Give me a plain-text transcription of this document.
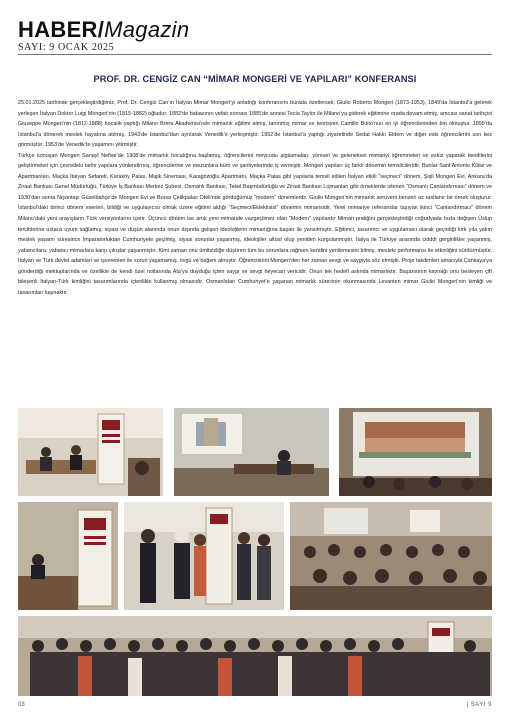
HABER/Magazin
SAYI: 9 OCAK 2025
PROF. DR. CENGİZ CAN “MİMAR MONGERİ VE YAPILARI” KONFERANSI

25.01.2025 tarihinde gerçekleştirdiğimiz, Prof. Dr. Cengiz Can’ın İtalyan Mimar Mongeri’yi anlattığı konferansını burada özetlersek; Giulio Roberto Mongeri (1873-1953), 1849’da İstanbul’a gelerek yerleşen İtalyan Doktor Luigi Mongeri’nin (1815-1882) oğludur. 1882’de babasının vefatı sonrası 1885’de annesi Tecla Taylor ile Milano’ya giderek eğitimine orada devam etmiş, amcası sanat tarihçisi Giuseppe Mongeri’nin (1812-1888) hocalık yaptığı Milano Brera Akademisi’nde mimarlık eğitimi almış, tanınmış mimar ve teorisyen Camillo Boito’nun en iyi öğrencilerinden biri olmuştur. 1899’da İstanbul’a dönerek meslek hayatına atılmış, 1943’de İstanbul’dan ayrılarak Venedik’e yerleşmiştir. 1952’de İstanbul’a yaptığı ziyaretinde Sedat Hakkı Eldem ve diğer eski öğrencilerini son kez görmüştür. 1953’de Venedik’te yaşamını yitirmiştir.

Türkçe konuşan Mongeri Sanayi Nefise’de 1908’de mimarlık hocalığına başlamış, öğrencilerini mevcudu algılamaları, yöresel ve geleneksel mimariyi öğrenmeleri ve eskiz yaparak kendilerini geliştirmeleri için çevredeki tarihi yapılara yönlendirmiş, öğrencilerine ve mezunlara büro ve şantiyelerinde iş vermiştir. Mongeri yapıları üç farklı dönemin temsilcileridir. Bunlar Sant’Antonio Kilise ve Apartmanları, Maçka İtalyan Sefareti, Karaköy Palas, Majik Sineması, Karagözoğlu Apartmanı, Maçka Palas gibi yapılarla temsil edilen İtalyan etkili “seçmeci” dönem, Şişli Mongeri Evi, Ankara’da Ziraat Bankası Genel Müdürlüğü, Türkiye İş Bankası Merkez Şubesi, Osmanlı Bankası, Tekel Başmüdürlüğü ve Ziraat Bankası Lojmanları gibi örneklerde izlenen “Osmanlı Canlandırması” dönem ve 1930’dan sonra Nişantaşı Güzelbahçe’de Mongeri Evi ve Bursa Çelikpalas Oteli’nde gördüğümüz “modern” dönemlerdir. Giulio Mongeri’nin mimarlık serüveni benzeri az rastlanır bir örnek oluşturur. İstanbul’daki birinci dönem eserleri, bildiği ve uygulayıcısı olmak üzere eğitimi aldığı “Seçmeci/Eklektisist” dönemin mimarisidir. Yerel mimariye referanslar taşıyan ikinci “Canlandırmacı” dönem Milano’daki yeni arayışların Türk versiyonlarını içerir. Üçüncü dönem ise artık yeni mimaride vazgeçilmez olan “Modern” yapılardır Mimari pratiğini gerçekleştirdiği coğrafyada hızla değişen Üslup tercihlerine ustaca uyum sağlamış, siyasi ve düşün alanında onun dışında gelişen ideolojilerin mimarlığına başarı ile yansıtmıştır. Eğitimci, tasarımcı ve uygulamacı olarak geçirdiği kırk yıla yakın meslek yaşamı süresince İmparatorluktan Cumhuriyete geçilmiş, siyasi sorunlar yaşanmış, ideolojiler altüst olup yeniden kurgulanmıştır. İtalya ile Türkiye arasında cidddi gerginlikler yaşanmış, yabancılara, yabancı mimarlara karşı çıkışlar yaşanmıştır. Kimi zaman onu ümitsizliğe düşüren tüm bu sorunlara rağmen kendini yenilemesini bilmiş, mesleki performansı ile etkinliğini sürdürmüştür. İtalyan ve Türk devlet adamları ve işverenleri ile sorun yaşamamış, övgü ve beğeni almıştır. Öğrencilerini Mongeri’den her zaman sevgi ve saygıyla söz etmiştir. Proje takdimleri amacıyla Çankaya’ya gönderdiği mektuplarında ve özellikle de kendi özel notlarında Ata’ya duyduğu içten saygı ve sevgi heyecan vericidir. Onun tek hedefi aslında mimarlıktır. Başarısının kaynağı onu besleyen çift bileşenli İtalyan-Türk kimliğini tasarımlarında içtenlikle kullanmış olmasıdır. Osmanlıdan Cumhuriyet’e yaşanan mimarlık sürecinin okunmasında Levanten mimar Giulio Mongeri’nin kimliği ve tasarımları kaynaktır.

03	| SAYI 9
